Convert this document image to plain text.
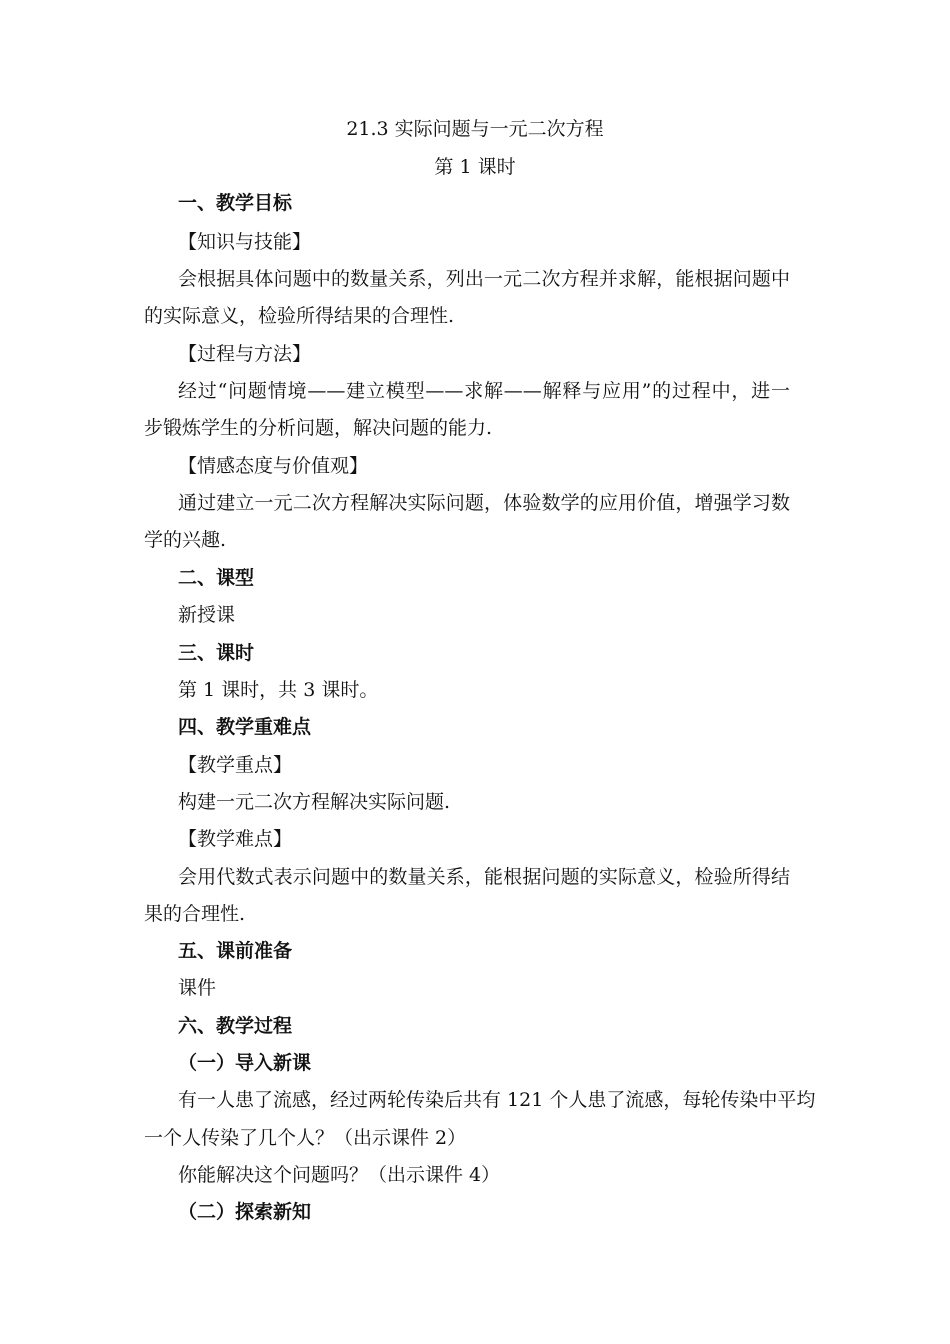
21.3 实际问题与一元二次方程
第 1 课时
一、教学目标
【知识与技能】
会根据具体问题中的数量关系，列出一元二次方程并求解，能根据问题中
的实际意义，检验所得结果的合理性.
【过程与方法】
经过“问题情境——建立模型——求解——解释与应用”的过程中，进一
步锻炼学生的分析问题，解决问题的能力.
【情感态度与价值观】
通过建立一元二次方程解决实际问题，体验数学的应用价值，增强学习数
学的兴趣.
二、课型
新授课
三、课时
第 1 课时，共 3 课时。
四、教学重难点
【教学重点】
构建一元二次方程解决实际问题.
【教学难点】
会用代数式表示问题中的数量关系，能根据问题的实际意义，检验所得结
果的合理性.
五、课前准备
课件
六、教学过程
（一）导入新课
有一人患了流感，经过两轮传染后共有 121 个人患了流感，每轮传染中平均
一个人传染了几个人？（出示课件 2）
你能解决这个问题吗？（出示课件 4）
（二）探索新知
